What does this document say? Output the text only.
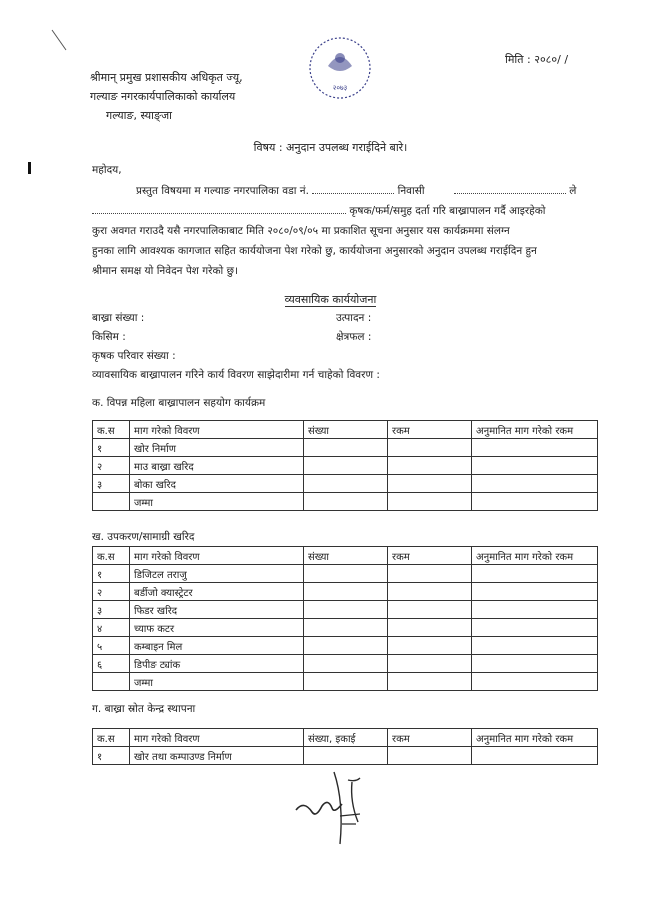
२०७३
मिति : २०८०/ /
श्रीमान् प्रमुख प्रशासकीय अधिकृत ज्यू,
गल्याङ नगरकार्यपालिकाको कार्यालय
गल्याङ, स्याङ्जा
विषय : अनुदान उपलब्ध गराईदिने बारे।
महोदय,
प्रस्तुत विषयमा म गल्याङ नगरपालिका वडा नं.	निवासी	ले
कृषक/फर्म/समुह दर्ता गरि बाख्रापालन गर्दै आइरहेको
कुरा अवगत गराउदै यसै नगरपालिकाबाट मिति २०८०/०९/०५ मा प्रकाशित सूचना अनुसार यस कार्यक्रममा संलग्न
हुनका लागि आवश्यक कागजात सहित कार्ययोजना पेश गरेको छु, कार्ययोजना अनुसारको अनुदान उपलब्ध गराईदिन हुन
श्रीमान समक्ष यो निवेदन पेश गरेको छु।
व्यवसायिक कार्ययोजना
बाख्रा संख्या :	उत्पादन :
किसिम :	क्षेत्रफल :
कृषक परिवार संख्या :
व्यावसायिक बाख्रापालन गरिने कार्य विवरण साझेदारीमा गर्न चाहेको विवरण :
क. विपन्न महिला बाख्रापालन सहयोग कार्यक्रम
क.स	माग गरेको विवरण	संख्या	रकम	अनुमानित माग गरेको रकम
१	खोर निर्माण			
२	माउ बाख्रा खरिद			
३	बोका खरिद			
	जम्मा			
ख. उपकरण/सामाग्री खरिद
क.स	माग गरेको विवरण	संख्या	रकम	अनुमानित माग गरेको रकम
१	डिजिटल तराजु			
२	बर्डीजो क्यास्ट्रेटर			
३	फिडर खरिद			
४	च्याफ कटर			
५	कम्बाइन मिल			
६	डिपीङ ट्यांक			
	जम्मा			
ग. बाख्रा स्रोत केन्द्र स्थापना
क.स	माग गरेको विवरण	संख्या, इकाई	रकम	अनुमानित माग गरेको रकम
१	खोर तथा कम्पाउण्ड निर्माण			
